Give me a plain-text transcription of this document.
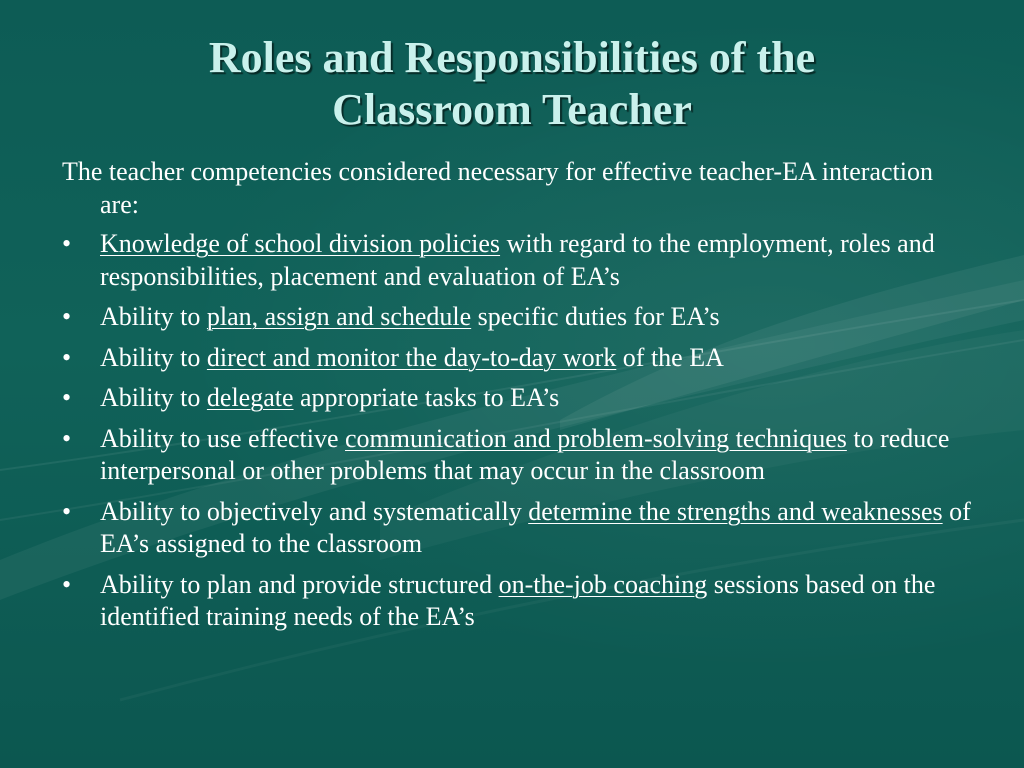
Roles and Responsibilities of the
Classroom Teacher

The teacher competencies considered necessary for effective teacher-EA interaction are:

•	Knowledge of school division policies with regard to the employment, roles and responsibilities, placement and evaluation of EA’s
•	Ability to plan, assign and schedule specific duties for EA’s
•	Ability to direct and monitor the day-to-day work of the EA
•	Ability to delegate appropriate tasks to EA’s
•	Ability to use effective communication and problem-solving techniques to reduce interpersonal or other problems that may occur in the classroom
•	Ability to objectively and systematically determine the strengths and weaknesses of EA’s assigned to the classroom
•	Ability to plan and provide structured on-the-job coaching sessions based on the identified training needs of the EA’s
